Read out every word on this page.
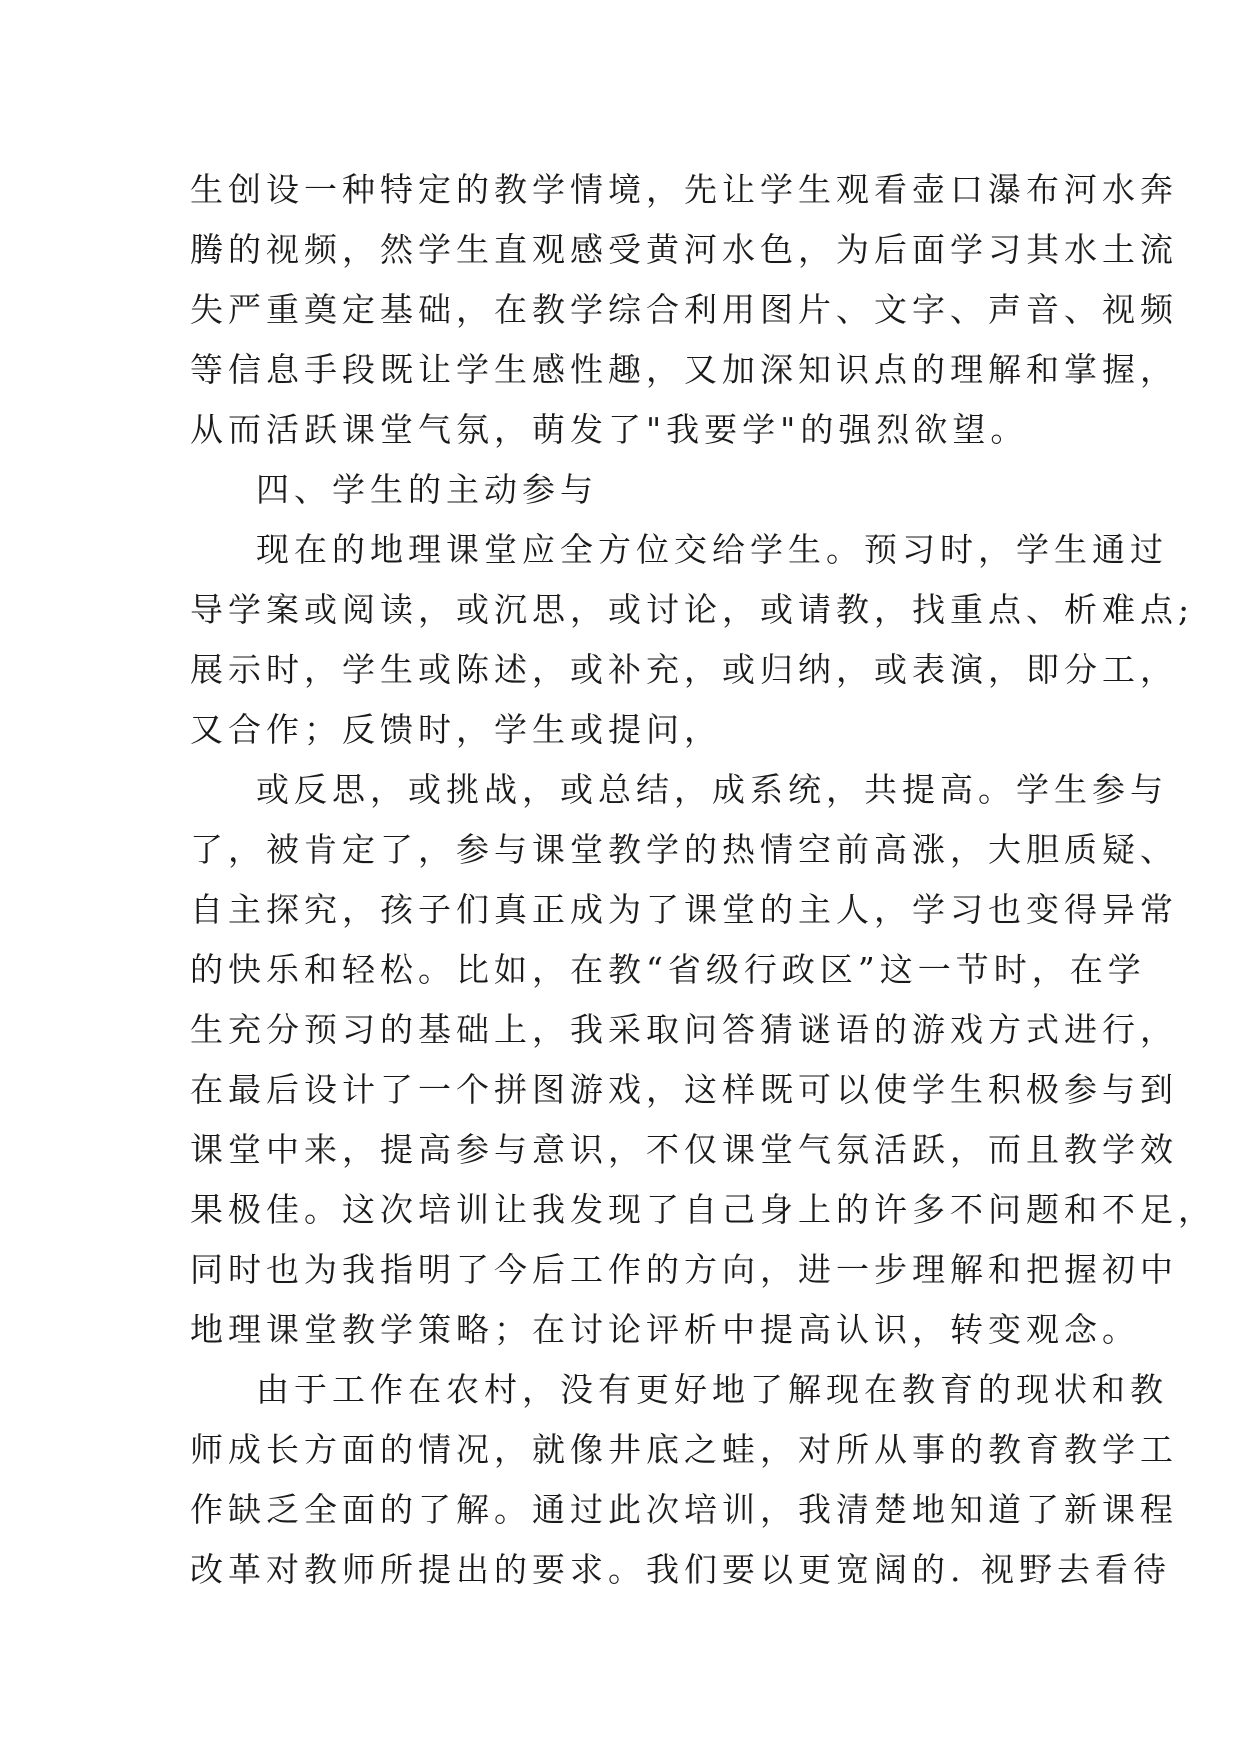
生创设一种特定的教学情境，先让学生观看壶口瀑布河水奔
腾的视频，然学生直观感受黄河水色，为后面学习其水土流
失严重奠定基础，在教学综合利用图片、文字、声音、视频
等信息手段既让学生感性趣，又加深知识点的理解和掌握，
从而活跃课堂气氛，萌发了"我要学"的强烈欲望。
四、学生的主动参与
现在的地理课堂应全方位交给学生。预习时，学生通过
导学案或阅读，或沉思，或讨论，或请教，找重点、析难点;
展示时，学生或陈述，或补充，或归纳，或表演，即分工，
又合作；反馈时，学生或提问，
或反思，或挑战，或总结，成系统，共提高。学生参与
了，被肯定了，参与课堂教学的热情空前高涨，大胆质疑、
自主探究，孩子们真正成为了课堂的主人，学习也变得异常
的快乐和轻松。比如，在教“省级行政区”这一节时，在学
生充分预习的基础上，我采取问答猜谜语的游戏方式进行，
在最后设计了一个拼图游戏，这样既可以使学生积极参与到
课堂中来，提高参与意识，不仅课堂气氛活跃，而且教学效
果极佳。这次培训让我发现了自己身上的许多不问题和不足，
同时也为我指明了今后工作的方向，进一步理解和把握初中
地理课堂教学策略；在讨论评析中提高认识，转变观念。
由于工作在农村，没有更好地了解现在教育的现状和教
师成长方面的情况，就像井底之蛙，对所从事的教育教学工
作缺乏全面的了解。通过此次培训，我清楚地知道了新课程
改革对教师所提出的要求。我们要以更宽阔的. 视野去看待
